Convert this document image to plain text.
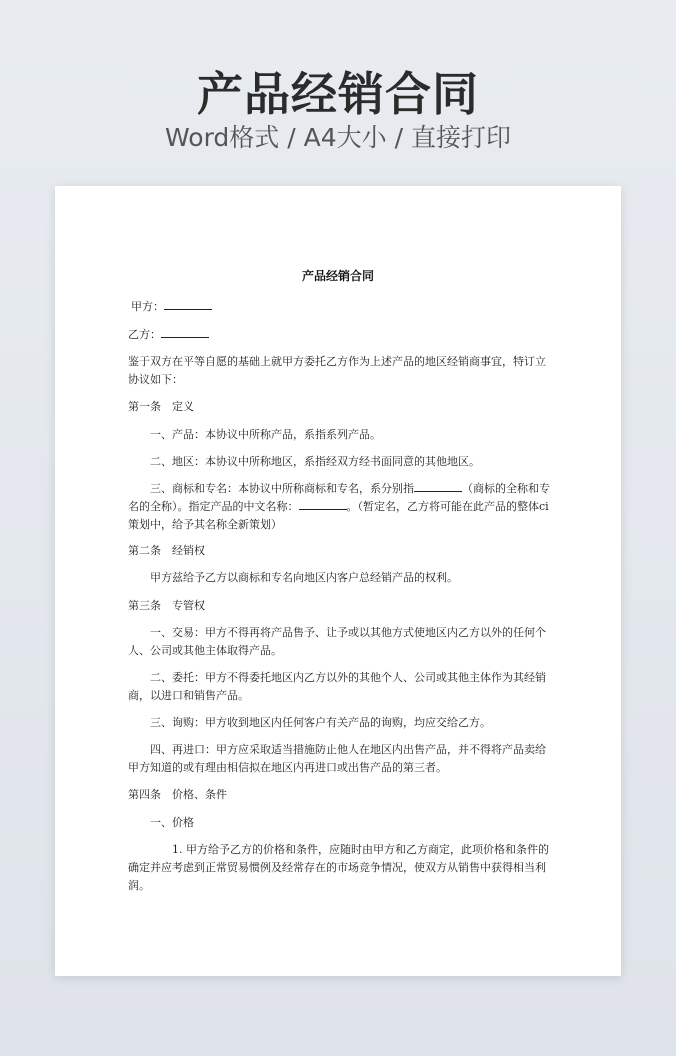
产品经销合同
Word格式 / A4大小 / 直接打印
产品经销合同
甲方：
乙方：
鉴于双方在平等自愿的基础上就甲方委托乙方作为上述产品的地区经销商事宜，特订立协议如下：
第一条　定义
一、产品：本协议中所称产品，系指系列产品。
二、地区：本协议中所称地区，系指经双方经书面同意的其他地区。
三、商标和专名：本协议中所称商标和专名，系分别指	（商标的全称和专名的全称）。指定产品的中文名称：	。（暂定名，乙方将可能在此产品的整体ci策划中，给予其名称全新策划）
第二条　经销权
甲方兹给予乙方以商标和专名向地区内客户总经销产品的权利。
第三条　专管权
一、交易：甲方不得再将产品售予、让予或以其他方式使地区内乙方以外的任何个人、公司或其他主体取得产品。
二、委托：甲方不得委托地区内乙方以外的其他个人、公司或其他主体作为其经销商，以进口和销售产品。
三、询购：甲方收到地区内任何客户有关产品的询购，均应交给乙方。
四、再进口：甲方应采取适当措施防止他人在地区内出售产品，并不得将产品卖给甲方知道的或有理由相信拟在地区内再进口或出售产品的第三者。
第四条　价格、条件
一、价格
1. 甲方给予乙方的价格和条件，应随时由甲方和乙方商定，此项价格和条件的确定并应考虑到正常贸易惯例及经常存在的市场竞争情况，使双方从销售中获得相当利润。
